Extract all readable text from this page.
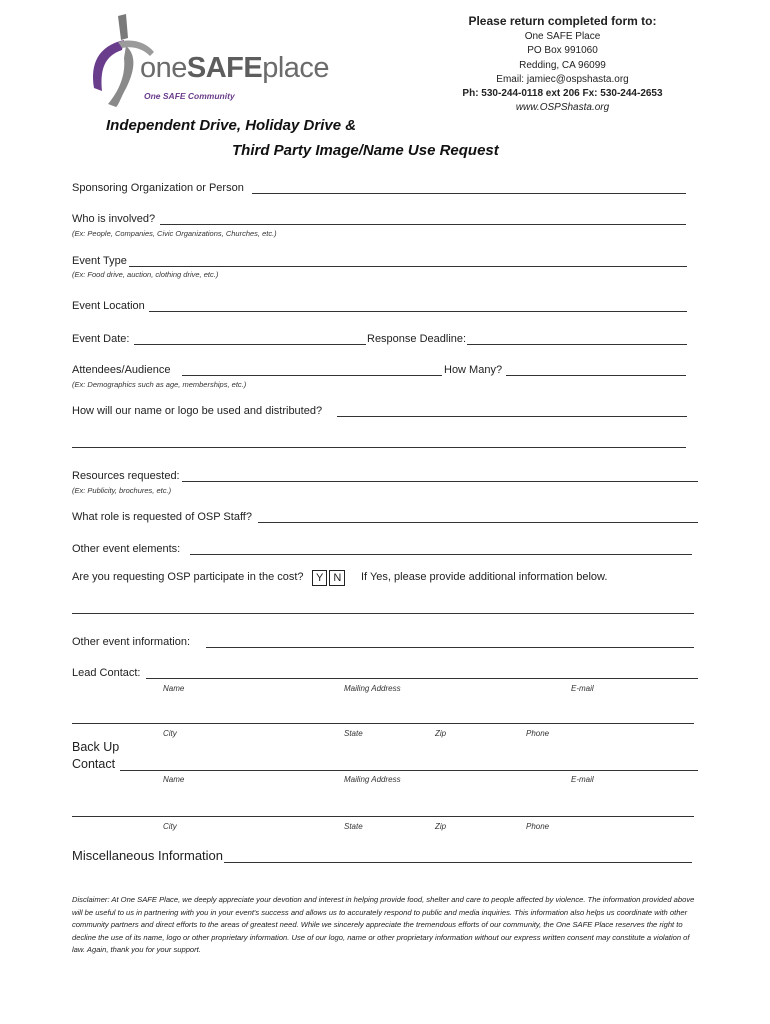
oneSAFEplace
One SAFE Community
Please return completed form to:
One SAFE Place
PO Box 991060
Redding, CA 96099
Email: jamiec@ospshasta.org
Ph: 530-244-0118 ext 206 Fx: 530-244-2653
www.OSPShasta.org
Independent Drive, Holiday Drive &
Third Party Image/Name Use Request
Sponsoring Organization or Person
Who is involved?
(Ex: People, Companies, Civic Organizations, Churches, etc.)
Event Type
(Ex: Food drive, auction, clothing drive, etc.)
Event Location
Event Date:	Response Deadline:
Attendees/Audience	How Many?
(Ex: Demographics such as age, memberships, etc.)
How will our name or logo be used and distributed?
Resources requested:
(Ex: Publicity, brochures, etc.)
What role is requested of OSP Staff?
Other event elements:
Are you requesting OSP participate in the cost?	Y N	If Yes, please provide additional information below.
Other event information:
Lead Contact:
Name	Mailing Address	E-mail
City	State	Zip	Phone
Back Up
Contact
Name	Mailing Address	E-mail
City	State	Zip	Phone
Miscellaneous Information
Disclaimer: At One SAFE Place, we deeply appreciate your devotion and interest in helping provide food, shelter and care to people affected by violence. The information provided above will be useful to us in partnering with you in your event's success and allows us to accurately respond to public and media inquiries. This information also helps us coordinate with other community partners and direct efforts to the areas of greatest need. While we sincerely appreciate the tremendous efforts of our community, the One SAFE Place reserves the right to decline the use of its name, logo or other proprietary information. Use of our logo, name or other proprietary information without our express written consent may constitute a violation of law. Again, thank you for your support.
